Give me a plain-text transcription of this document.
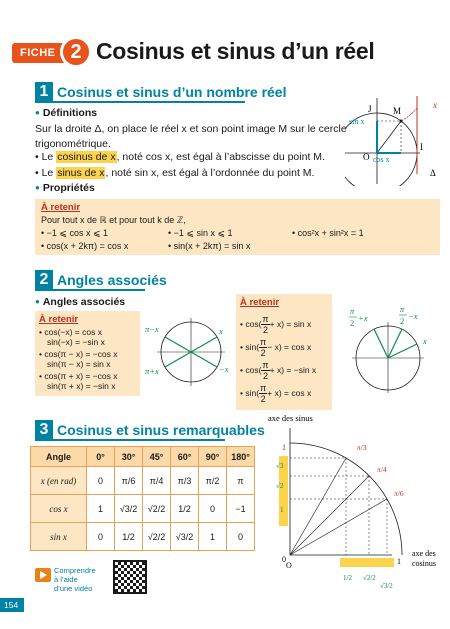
FICHE 2 Cosinus et sinus d’un réel
1 Cosinus et sinus d’un nombre réel
● Définitions
Sur la droite Δ, on place le réel x et son point image M sur le cercle
trigonométrique.
• Le cosinus de x, noté cos x, est égal à l’abscisse du point M.
• Le sinus de x, noté sin x, est égal à l’ordonnée du point M.
● Propriétés
M
J
O
I
x
Δ
sin x
cos x
À retenir
Pour tout x de ℝ et pour tout k de ℤ,
• −1 ⩽ cos x ⩽ 1	• −1 ⩽ sin x ⩽ 1	• cos²x + sin²x = 1
• cos(x + 2kπ) = cos x	• sin(x + 2kπ) = sin x
2 Angles associés
● Angles associés
À retenir
• cos(−x) = cos x
sin(−x) = −sin x
• cos(π − x) = −cos x
sin(π − x) = sin x
• cos(π + x) = −cos x
sin(π + x) = −sin x
π−x	x
π+x	−x
À retenir
• $\cos( \frac{\pi}{2} + x) = \sin x$
• $\sin( \frac{\pi}{2} - x) = \cos x$
• $\cos( \frac{\pi}{2} + x) = -\sin$ x
• $\sin( \frac{\pi}{2} + x) = \cos x$
π
2 +x
π
2 −x
x
3 Cosinus et sinus remarquables
Angle	0°	30°	45°	60°	90°	180°
x (en rad)	0	π/6	π/4	π/3	π/2	π
cos x	1	√3/2	√2/2	1/2	0	−1
sin x	0	1/2	√2/2	√3/2	1	0
axe des sinus
1
√3
√2
1
0
O
π/3
π/4
π/6
1
axe des
cosinus
1/2 √2/2
√3/2
Comprendre
à l’aide
d’une vidéo
154
